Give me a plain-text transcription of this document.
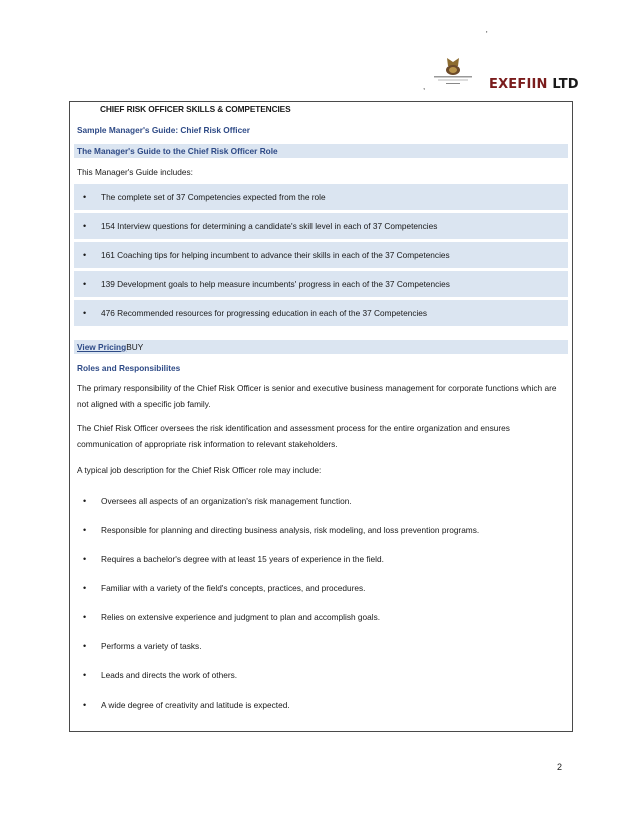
'
,	EXEFIIN LTD
CHIEF RISK OFFICER SKILLS & COMPETENCIES
Sample Manager's Guide: Chief Risk Officer
The Manager's Guide to the Chief Risk Officer Role
This Manager's Guide includes:
• The complete set of 37 Competencies expected from the role
• 154 Interview questions for determining a candidate's skill level in each of 37 Competencies
• 161 Coaching tips for helping incumbent to advance their skills in each of the 37 Competencies
• 139 Development goals to help measure incumbents' progress in each of the 37 Competencies
• 476 Recommended resources for progressing education in each of the 37 Competencies
View PricingBUY
Roles and Responsibilites
The primary responsibility of the Chief Risk Officer is senior and executive business management for corporate functions which are not aligned with a specific job family.
The Chief Risk Officer oversees the risk identification and assessment process for the entire organization and ensures communication of appropriate risk information to relevant stakeholders.
A typical job description for the Chief Risk Officer role may include:
• Oversees all aspects of an organization's risk management function.
• Responsible for planning and directing business analysis, risk modeling, and loss prevention programs.
• Requires a bachelor's degree with at least 15 years of experience in the field.
• Familiar with a variety of the field's concepts, practices, and procedures.
• Relies on extensive experience and judgment to plan and accomplish goals.
• Performs a variety of tasks.
• Leads and directs the work of others.
• A wide degree of creativity and latitude is expected.
2
